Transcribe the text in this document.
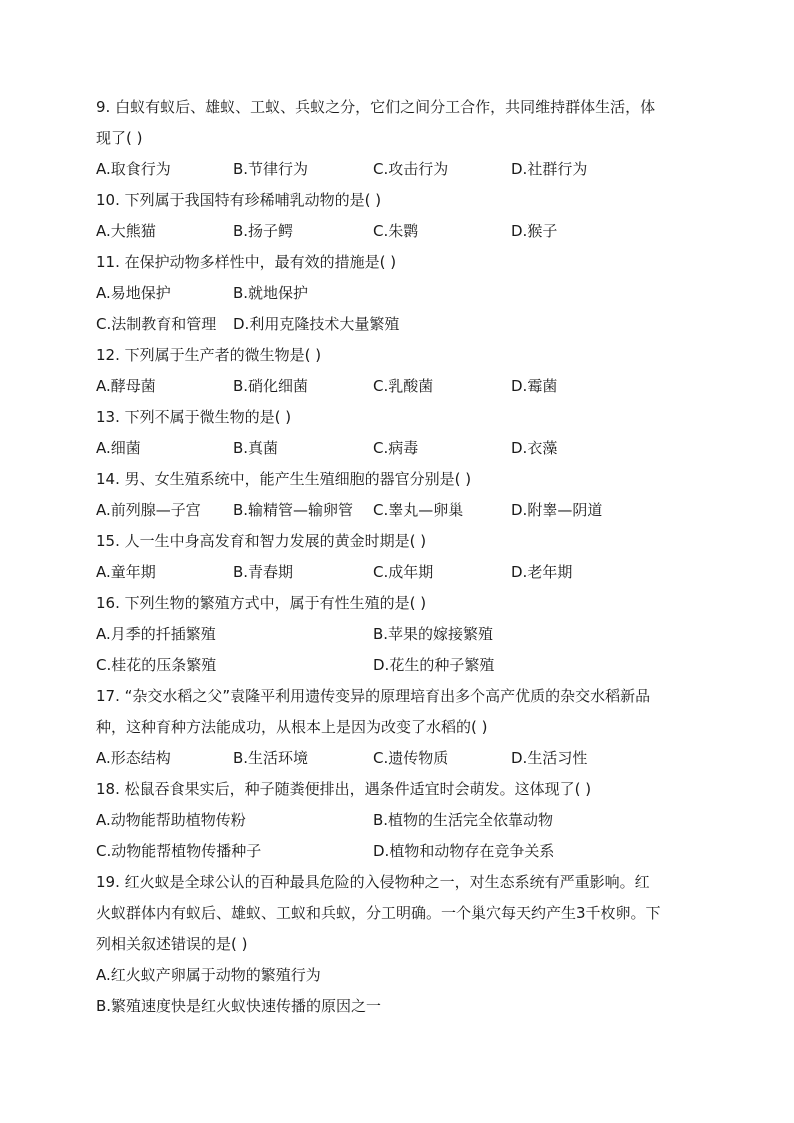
9. 白蚁有蚁后、雄蚁、工蚁、兵蚁之分，它们之间分工合作，共同维持群体生活，体
现了( )
A.取食行为	B.节律行为	C.攻击行为	D.社群行为
10. 下列属于我国特有珍稀哺乳动物的是( )
A.大熊猫	B.扬子鳄	C.朱鹮	D.猴子
11. 在保护动物多样性中，最有效的措施是( )
A.易地保护	B.就地保护
C.法制教育和管理 D.利用克隆技术大量繁殖
12. 下列属于生产者的微生物是( )
A.酵母菌	B.硝化细菌	C.乳酸菌	D.霉菌
13. 下列不属于微生物的是( )
A.细菌	B.真菌	C.病毒	D.衣藻
14. 男、女生殖系统中，能产生生殖细胞的器官分别是( )
A.前列腺—子宫 B.输精管—输卵管 C.睾丸—卵巢	D.附睾—阴道
15. 人一生中身高发育和智力发展的黄金时期是( )
A.童年期	B.青春期	C.成年期	D.老年期
16. 下列生物的繁殖方式中，属于有性生殖的是( )
A.月季的扦插繁殖	B.苹果的嫁接繁殖
C.桂花的压条繁殖	D.花生的种子繁殖
17. “杂交水稻之父”袁隆平利用遗传变异的原理培育出多个高产优质的杂交水稻新品
种，这种育种方法能成功，从根本上是因为改变了水稻的( )
A.形态结构	B.生活环境	C.遗传物质	D.生活习性
18. 松鼠吞食果实后，种子随粪便排出，遇条件适宜时会萌发。这体现了( )
A.动物能帮助植物传粉	B.植物的生活完全依靠动物
C.动物能帮植物传播种子	D.植物和动物存在竞争关系
19. 红火蚁是全球公认的百种最具危险的入侵物种之一，对生态系统有严重影响。红
火蚁群体内有蚁后、雄蚁、工蚁和兵蚁，分工明确。一个巢穴每天约产生3千枚卵。下
列相关叙述错误的是( )
A.红火蚁产卵属于动物的繁殖行为
B.繁殖速度快是红火蚁快速传播的原因之一
